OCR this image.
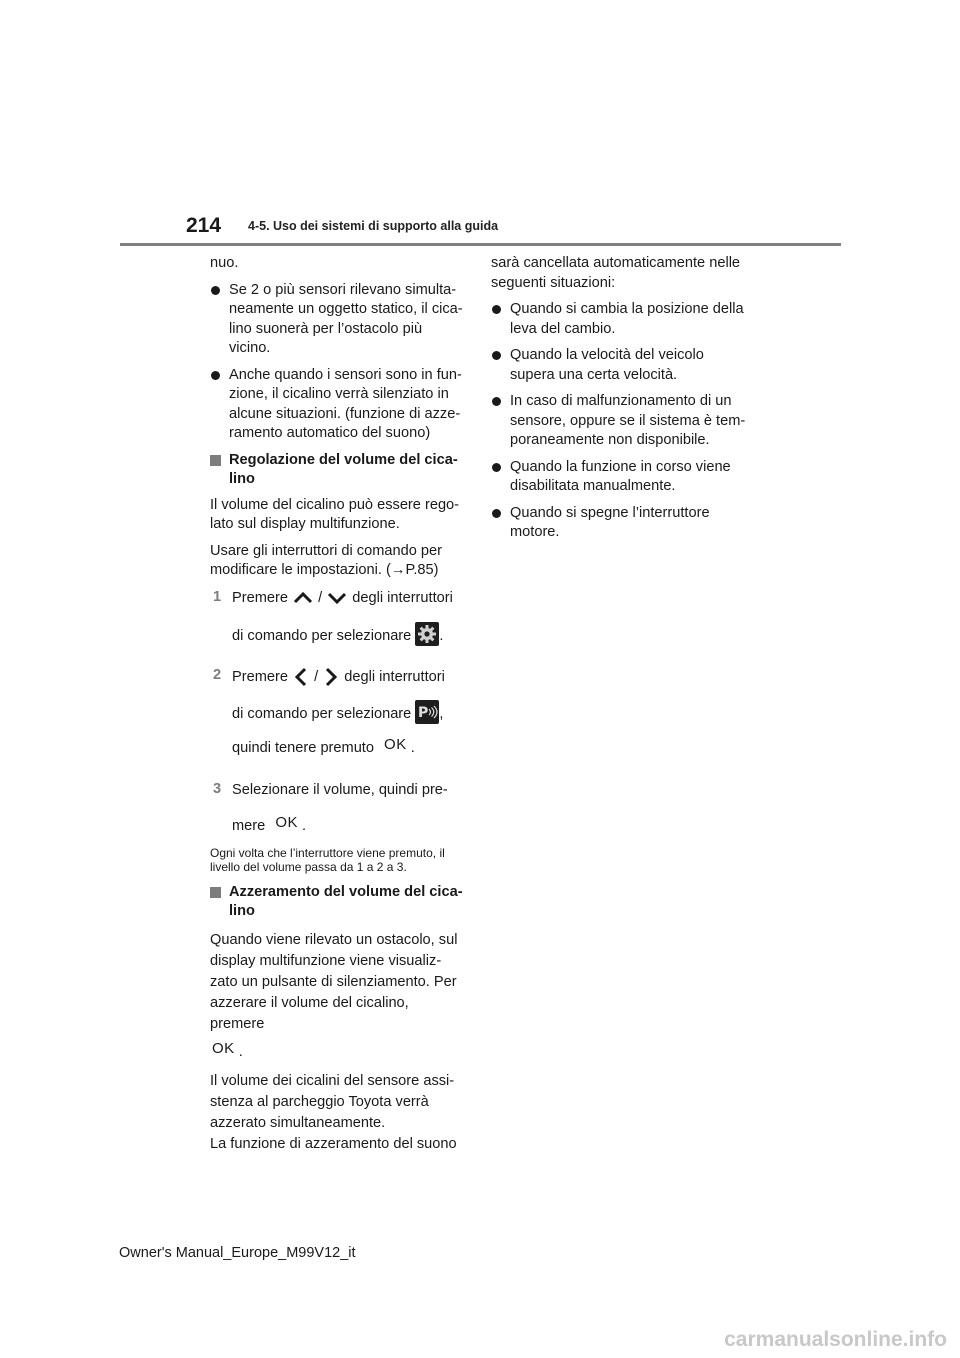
214 4-5. Uso dei sistemi di supporto alla guida

nuo.

Se 2 o più sensori rilevano simulta-neamente un oggetto statico, il cica-lino suonerà per l’ostacolo più vicino.
Anche quando i sensori sono in fun-zione, il cicalino verrà silenziato in alcune situazioni. (funzione di azze-ramento automatico del suono)
Regolazione del volume del cica-lino

Il volume del cicalino può essere rego-lato sul display multifunzione.

Usare gli interruttori di comando per modificare le impostazioni. (→P.85)

1 Premere / degli interruttori
di comando per selezionare .
2 Premere / degli interruttori
di comando per selezionare P ,
quindi tenere premuto OK .
3 Selezionare il volume, quindi pre-
mere OK .

Ogni volta che l’interruttore viene premuto, il livello del volume passa da 1 a 2 a 3.

Azzeramento del volume del cica-lino
Quando viene rilevato un ostacolo, sul
display multifunzione viene visualiz-
zato un pulsante di silenziamento. Per
azzerare il volume del cicalino, premere
OK .
Il volume dei cicalini del sensore assi-
stenza al parcheggio Toyota verrà
azzerato simultaneamente.
La funzione di azzeramento del suono

sarà cancellata automaticamente nelle seguenti situazioni:

Quando si cambia la posizione della leva del cambio.
Quando la velocità del veicolo supera una certa velocità.
In caso di malfunzionamento di un sensore, oppure se il sistema è tem-poraneamente non disponibile.
Quando la funzione in corso viene disabilitata manualmente.
Quando si spegne l’interruttore motore.
Owner's Manual_Europe_M99V12_it
carmanualsonline.info
